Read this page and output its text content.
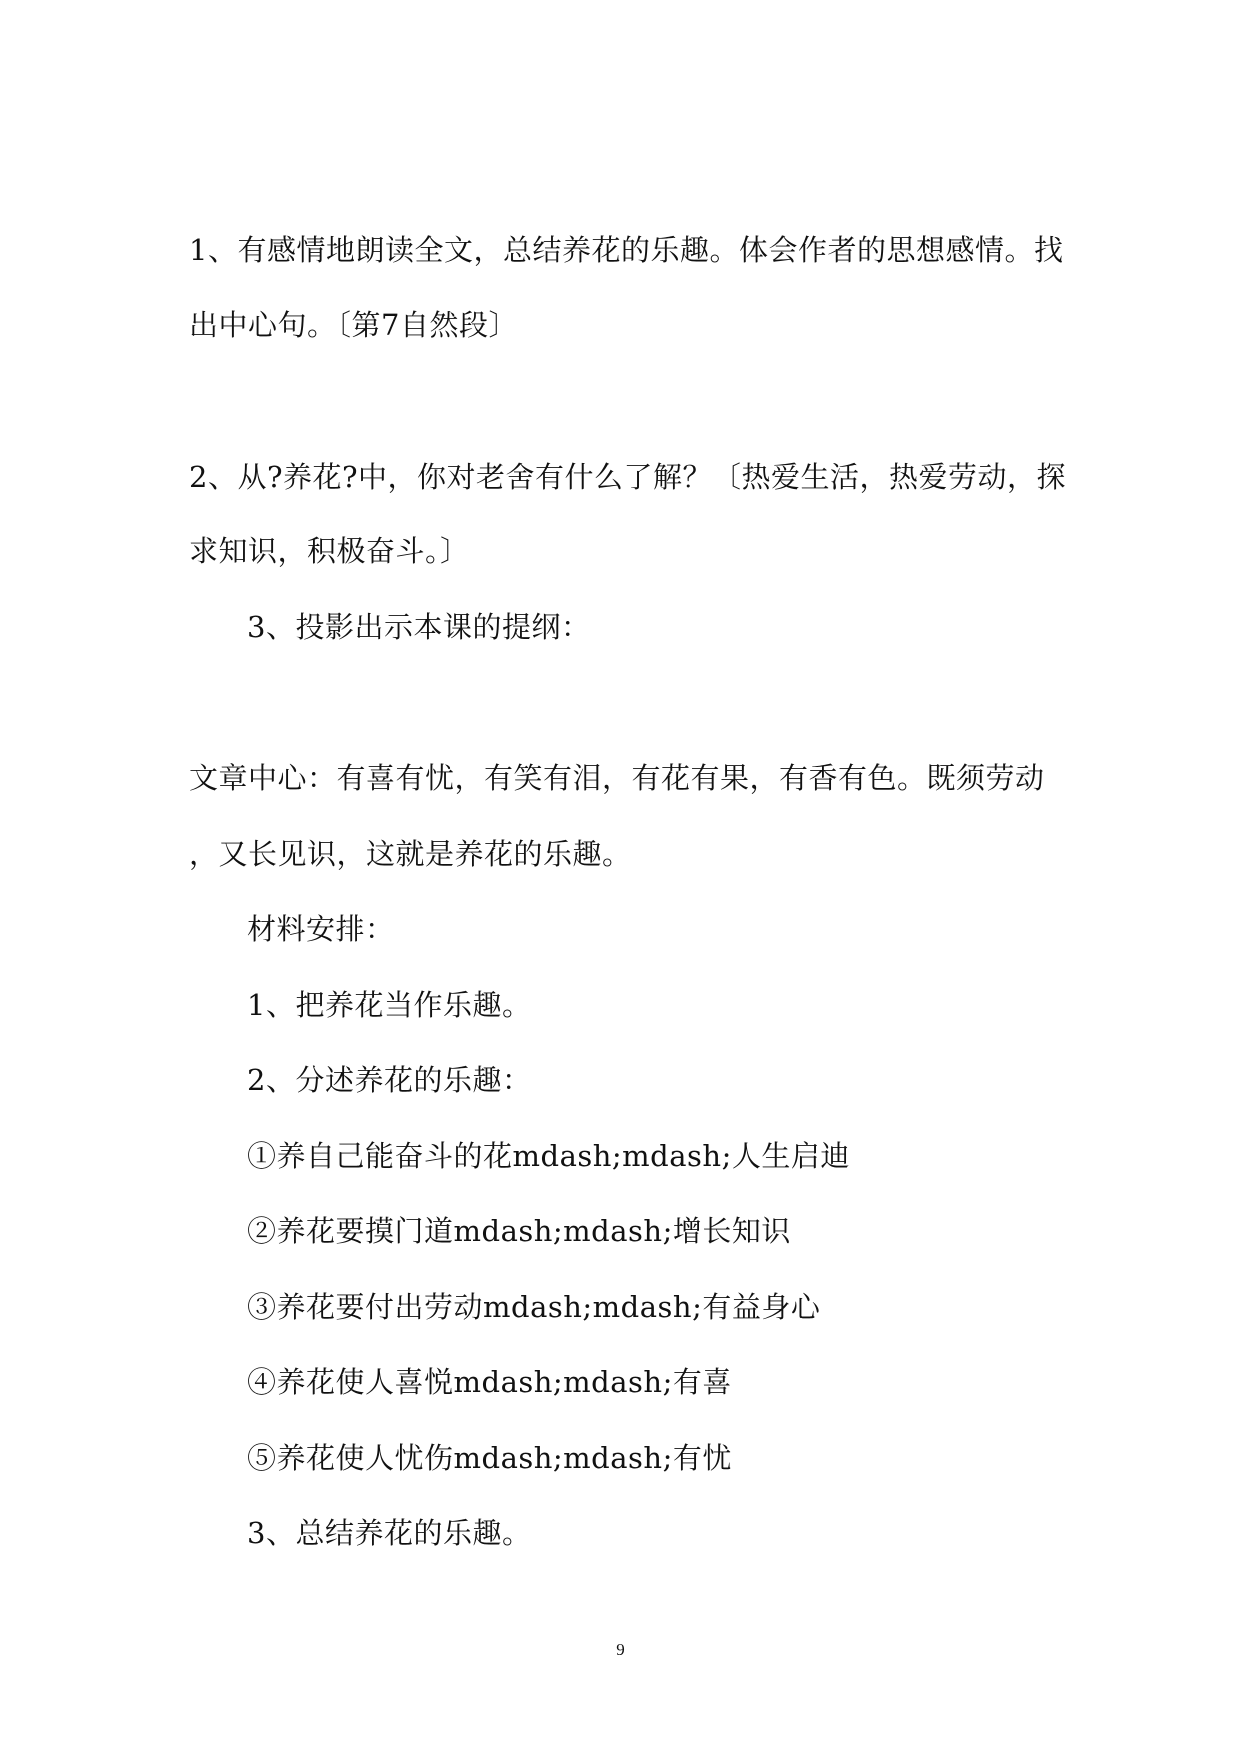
1、有感情地朗读全文，总结养花的乐趣。体会作者的思想感情。找
出中心句。〔第7自然段〕
2、从?养花?中，你对老舍有什么了解？〔热爱生活，热爱劳动，探
求知识，积极奋斗。〕
3、投影出示本课的提纲：
文章中心：有喜有忧，有笑有泪，有花有果，有香有色。既须劳动
，又长见识，这就是养花的乐趣。
材料安排：
1、把养花当作乐趣。
2、分述养花的乐趣：
①养自己能奋斗的花mdash;mdash;人生启迪
②养花要摸门道mdash;mdash;增长知识
③养花要付出劳动mdash;mdash;有益身心
④养花使人喜悦mdash;mdash;有喜
⑤养花使人忧伤mdash;mdash;有忧
3、总结养花的乐趣。
9
